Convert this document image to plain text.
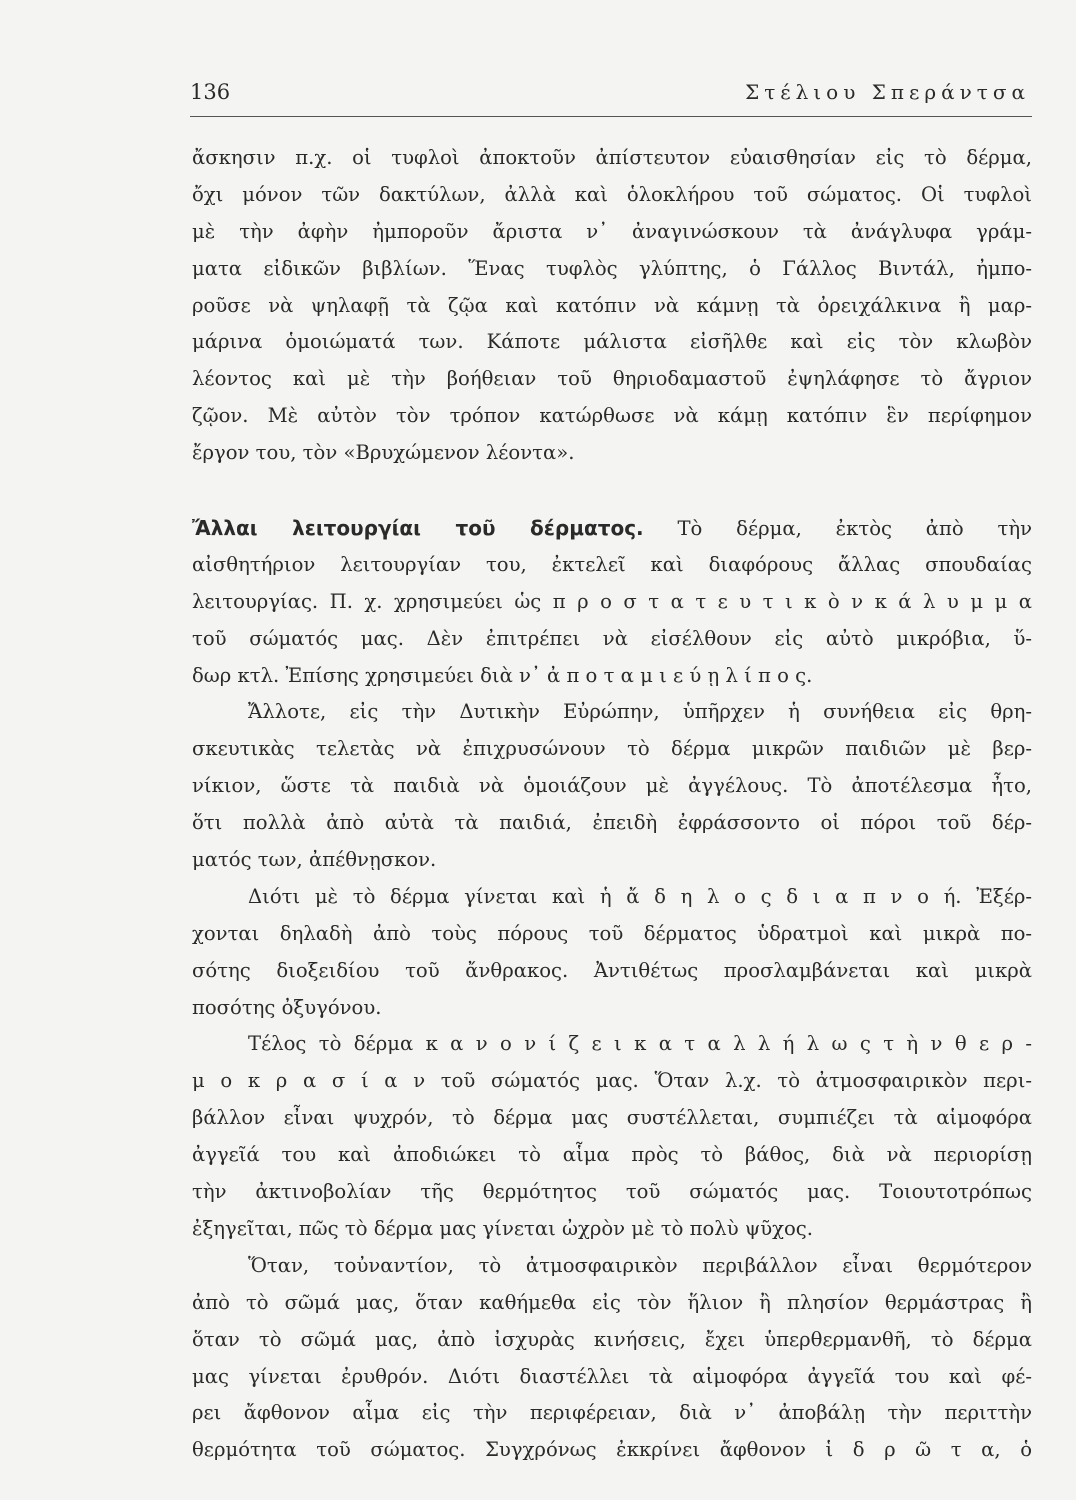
136	Στέλιου Σπεράντσα
ἄσκησιν π.χ. οἱ τυφλοὶ ἀποκτοῦν ἀπίστευτον εὐαισθησίαν εἰς τὸ δέρμα,
ὄχι μόνον τῶν δακτύλων, ἀλλὰ καὶ ὁλοκλήρου τοῦ σώματος. Οἱ τυφλοὶ
μὲ τὴν ἀφὴν ἠμποροῦν ἄριστα ν᾽ ἀναγινώσκουν τὰ ἀνάγλυφα γράμ-
ματα εἰδικῶν βιβλίων. Ἕνας τυφλὸς γλύπτης, ὁ Γάλλος Βιντάλ, ἠμπο-
ροῦσε νὰ ψηλαφῇ τὰ ζῷα καὶ κατόπιν νὰ κάμνῃ τὰ ὀρειχάλκινα ἢ μαρ-
μάρινα ὁμοιώματά των. Κάποτε μάλιστα εἰσῆλθε καὶ εἰς τὸν κλωβὸν
λέοντος καὶ μὲ τὴν βοήθειαν τοῦ θηριοδαμαστοῦ ἐψηλάφησε τὸ ἄγριον
ζῷον. Μὲ αὐτὸν τὸν τρόπον κατώρθωσε νὰ κάμῃ κατόπιν ἓν περίφημον
ἔργον του, τὸν «Βρυχώμενον λέοντα».
Ἄλλαι λειτουργίαι τοῦ δέρματος. Τὸ δέρμα, ἐκτὸς ἀπὸ τὴν
αἰσθητήριον λειτουργίαν του, ἐκτελεῖ καὶ διαφόρους ἄλλας σπουδαίας
λειτουργίας. Π. χ. χρησιμεύει ὡς π ρ ο σ τ α τ ε υ τ ι κ ὸ ν κ ά λ υ μ μ α
τοῦ σώματός μας. Δὲν ἐπιτρέπει νὰ εἰσέλθουν εἰς αὐτὸ μικρόβια, ὕ-
δωρ κτλ. Ἐπίσης χρησιμεύει διὰ ν᾽ ἀ π ο τ α μ ι ε ύ ῃ λ ί π ο ς.
Ἄλλοτε, εἰς τὴν Δυτικὴν Εὐρώπην, ὑπῆρχεν ἡ συνήθεια εἰς θρη-
σκευτικὰς τελετὰς νὰ ἐπιχρυσώνουν τὸ δέρμα μικρῶν παιδιῶν μὲ βερ-
νίκιον, ὥστε τὰ παιδιὰ νὰ ὁμοιάζουν μὲ ἀγγέλους. Τὸ ἀποτέλεσμα ἦτο,
ὅτι πολλὰ ἀπὸ αὐτὰ τὰ παιδιά, ἐπειδὴ ἐφράσσοντο οἱ πόροι τοῦ δέρ-
ματός των, ἀπέθνῃσκον.
Διότι μὲ τὸ δέρμα γίνεται καὶ ἡ ἄ δ η λ ο ς δ ι α π ν ο ή. Ἐξέρ-
χονται δηλαδὴ ἀπὸ τοὺς πόρους τοῦ δέρματος ὑδρατμοὶ καὶ μικρὰ πο-
σότης διοξειδίου τοῦ ἄνθρακος. Ἀντιθέτως προσλαμβάνεται καὶ μικρὰ
ποσότης ὀξυγόνου.
Τέλος τὸ δέρμα κ α ν ο ν ί ζ ε ι κ α τ α λ λ ή λ ω ς τ ὴ ν θ ε ρ -
μ ο κ ρ α σ ί α ν τοῦ σώματός μας. Ὅταν λ.χ. τὸ ἀτμοσφαιρικὸν περι-
βάλλον εἶναι ψυχρόν, τὸ δέρμα μας συστέλλεται, συμπιέζει τὰ αἱμοφόρα
ἀγγεῖά του καὶ ἀποδιώκει τὸ αἷμα πρὸς τὸ βάθος, διὰ νὰ περιορίσῃ
τὴν ἀκτινοβολίαν τῆς θερμότητος τοῦ σώματός μας. Τοιουτοτρόπως
ἐξηγεῖται, πῶς τὸ δέρμα μας γίνεται ὠχρὸν μὲ τὸ πολὺ ψῦχος.
Ὅταν, τοὐναντίον, τὸ ἀτμοσφαιρικὸν περιβάλλον εἶναι θερμότερον
ἀπὸ τὸ σῶμά μας, ὅταν καθήμεθα εἰς τὸν ἥλιον ἢ πλησίον θερμάστρας ἢ
ὅταν τὸ σῶμά μας, ἀπὸ ἰσχυρὰς κινήσεις, ἔχει ὑπερθερμανθῆ, τὸ δέρμα
μας γίνεται ἐρυθρόν. Διότι διαστέλλει τὰ αἱμοφόρα ἀγγεῖά του καὶ φέ-
ρει ἄφθονον αἷμα εἰς τὴν περιφέρειαν, διὰ ν᾽ ἀποβάλῃ τὴν περιττὴν
θερμότητα τοῦ σώματος. Συγχρόνως ἐκκρίνει ἄφθονον ἱ δ ρ ῶ τ α, ὁ
